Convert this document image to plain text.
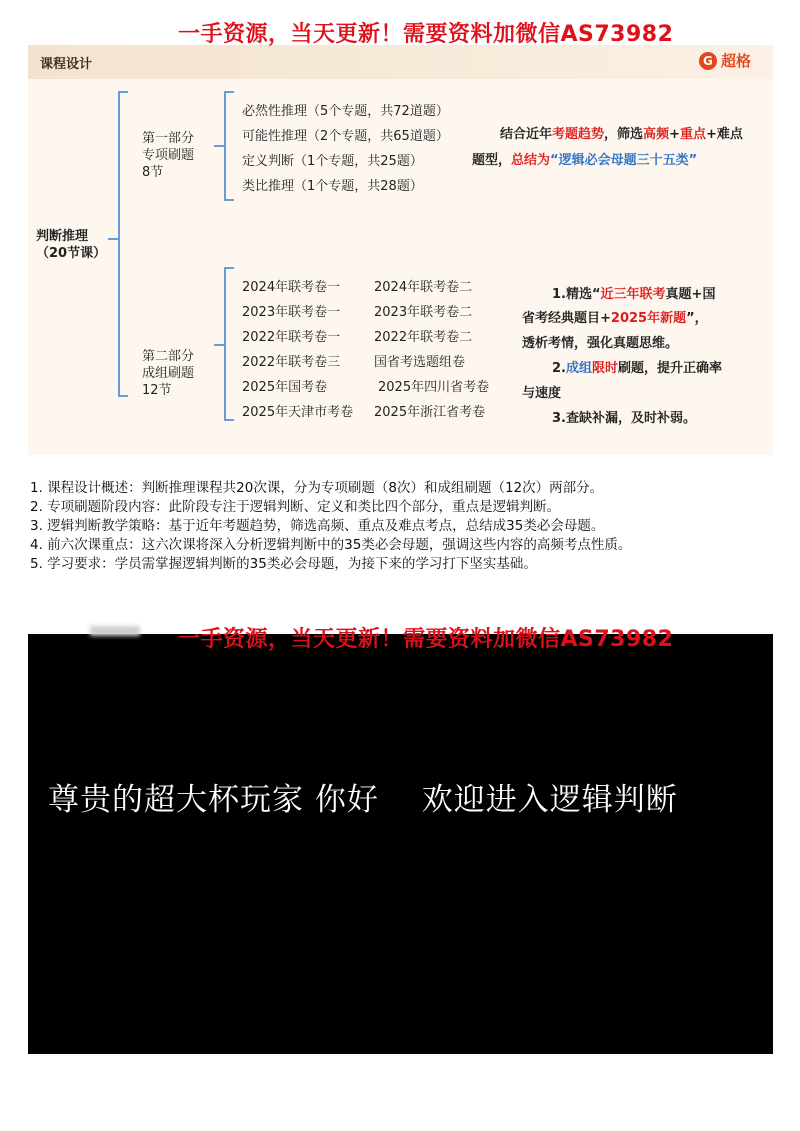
课程设计	G 超格
判断推理
（20节课）
第一部分
专项刷题
8节
必然性推理（5个专题，共72道题）
可能性推理（2个专题，共65道题）
定义判断（1个专题，共25题）
类比推理（1个专题，共28题）
结合近年考题趋势，筛选高频+重点+难点
题型，总结为“逻辑必会母题三十五类”
第二部分
成组刷题
12节
2024年联考卷一
2023年联考卷一
2022年联考卷一
2022年联考卷三
2025年国考卷
2025年天津市考卷
2024年联考卷二
2023年联考卷二
2022年联考卷二
国省考选题组卷
2025年四川省考卷
2025年浙江省考卷
1.精选“近三年联考真题+国
省考经典题目+2025年新题”，
透析考情，强化真题思维。
2.成组限时刷题，提升正确率
与速度
3.查缺补漏，及时补弱。
一手资源，当天更新！需要资料加微信AS73982
1. 课程设计概述：判断推理课程共20次课，分为专项刷题（8次）和成组刷题（12次）两部分。
2. 专项刷题阶段内容：此阶段专注于逻辑判断、定义和类比四个部分，重点是逻辑判断。
3. 逻辑判断教学策略：基于近年考题趋势，筛选高频、重点及难点考点，总结成35类必会母题。
4. 前六次课重点：这六次课将深入分析逻辑判断中的35类必会母题，强调这些内容的高频考点性质。
5. 学习要求：学员需掌握逻辑判断的35类必会母题，为接下来的学习打下坚实基础。
尊贵的超大杯玩家 你好　 欢迎进入逻辑判断
一手资源，当天更新！需要资料加微信AS73982
